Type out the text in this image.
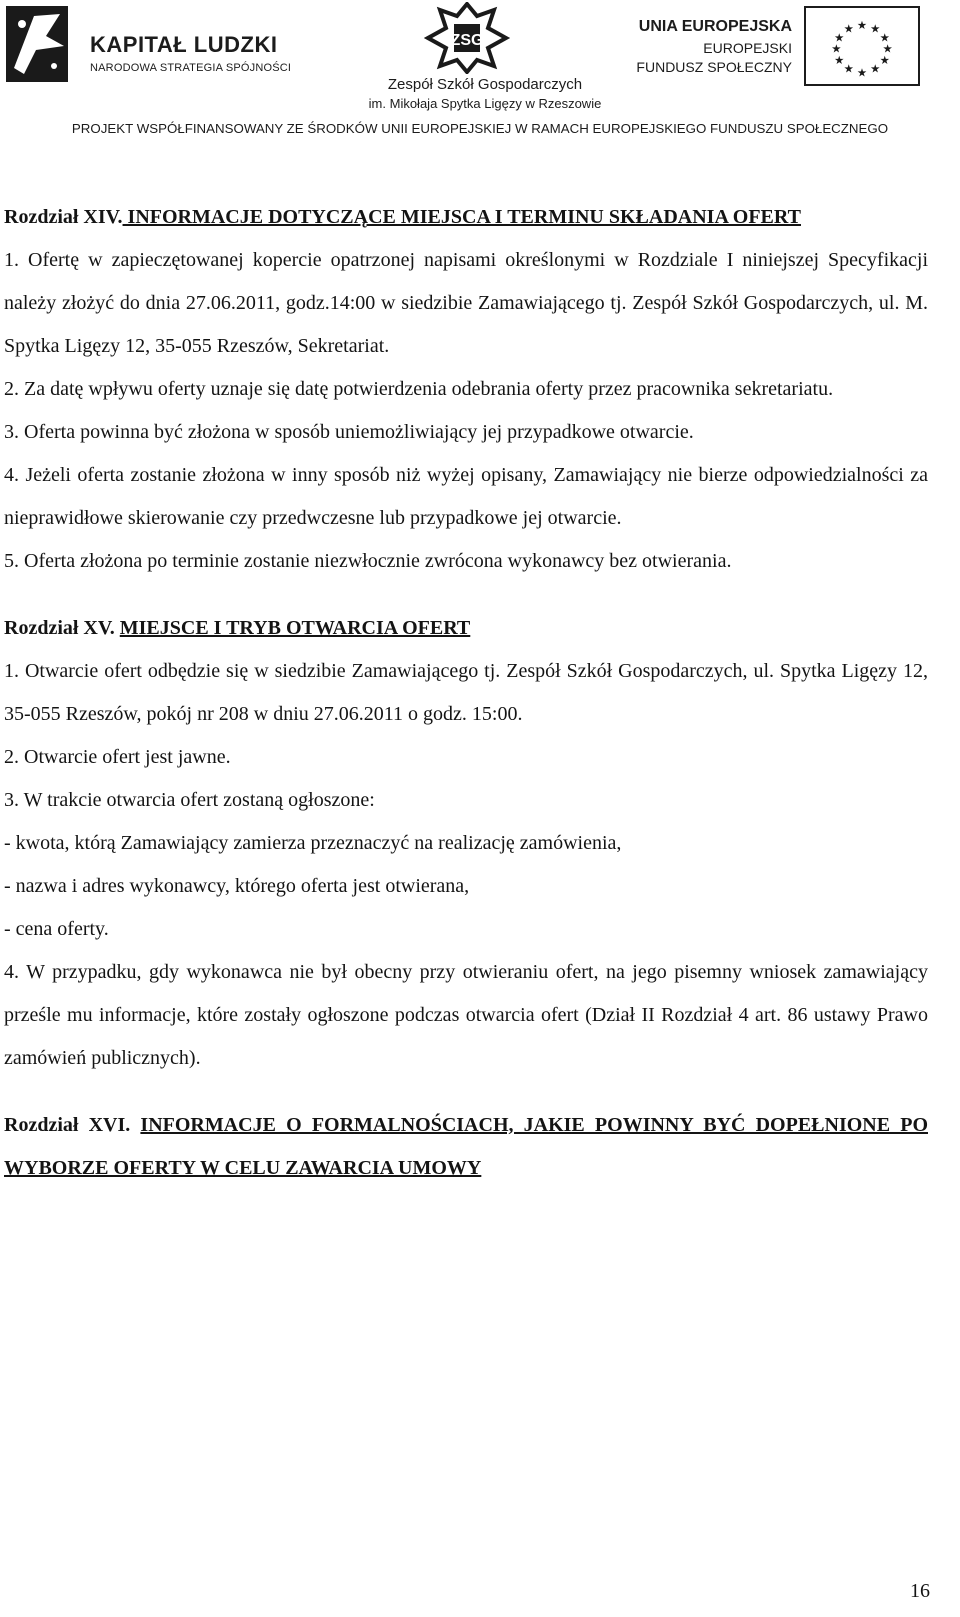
KAPITAŁ LUDZKI
NARODOWA STRATEGIA SPÓJNOŚCI
ZSG
Zespół Szkół Gospodarczych
im. Mikołaja Spytka Ligęzy w Rzeszowie
UNIA EUROPEJSKA
EUROPEJSKI
FUNDUSZ SPOŁECZNY
★ ★
★
★
★
★
★
★
★
★
★
★
PROJEKT WSPÓŁFINANSOWANY ZE ŚRODKÓW UNII EUROPEJSKIEJ W RAMACH EUROPEJSKIEGO FUNDUSZU SPOŁECZNEGO

Rozdział XIV. INFORMACJE DOTYCZĄCE MIEJSCA I TERMINU SKŁADANIA OFERT

1. Ofertę w zapieczętowanej kopercie opatrzonej napisami określonymi w Rozdziale I niniejszej Specyfikacji należy złożyć do dnia 27.06.2011, godz.14:00 w siedzibie Zamawiającego tj. Zespół Szkół Gospodarczych, ul. M. Spytka Ligęzy 12, 35-055 Rzeszów, Sekretariat.

2. Za datę wpływu oferty uznaje się datę potwierdzenia odebrania oferty przez pracownika sekretariatu.

3. Oferta powinna być złożona w sposób uniemożliwiający jej przypadkowe otwarcie.

4. Jeżeli oferta zostanie złożona w inny sposób niż wyżej opisany, Zamawiający nie bierze odpowiedzialności za nieprawidłowe skierowanie czy przedwczesne lub przypadkowe jej otwarcie.

5. Oferta złożona po terminie zostanie niezwłocznie zwrócona wykonawcy bez otwierania.

Rozdział XV. MIEJSCE I TRYB OTWARCIA OFERT

1. Otwarcie ofert odbędzie się w siedzibie Zamawiającego tj. Zespół Szkół Gospodarczych, ul. Spytka Ligęzy 12, 35-055 Rzeszów, pokój nr 208 w dniu 27.06.2011 o godz. 15:00.

2. Otwarcie ofert jest jawne.

3. W trakcie otwarcia ofert zostaną ogłoszone:

- kwota, którą Zamawiający zamierza przeznaczyć na realizację zamówienia,

- nazwa i adres wykonawcy, którego oferta jest otwierana,

- cena oferty.

4. W przypadku, gdy wykonawca nie był obecny przy otwieraniu ofert, na jego pisemny wniosek zamawiający prześle mu informacje, które zostały ogłoszone podczas otwarcia ofert (Dział II Rozdział 4 art. 86 ustawy Prawo zamówień publicznych).

Rozdział XVI. INFORMACJE O FORMALNOŚCIACH, JAKIE POWINNY BYĆ DOPEŁNIONE PO WYBORZE OFERTY W CELU ZAWARCIA UMOWY

16
